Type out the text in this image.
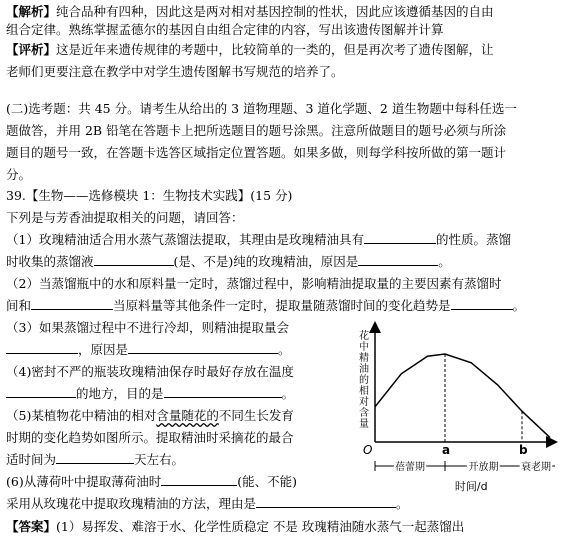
【解析】纯合品种有四种，因此这是两对相对基因控制的性状，因此应该遵循基因的自由
组合定律。熟练掌握孟德尔的基因自由组合定律的内容，写出该遗传图解并计算
【评析】这是近年来遗传规律的考题中，比较简单的一类的，但是再次考了遗传图解，让
老师们更要注意在教学中对学生遗传图解书写规范的培养了。
(二)选考题：共 45 分。请考生从给出的 3 道物理题、3 道化学题、2 道生物题中每科任选一
题做答，并用 2B 铅笔在答题卡上把所选题目的题号涂黑。注意所做题目的题号必须与所涂
题目的题号一致，在答题卡选答区域指定位置答题。如果多做，则每学科按所做的第一题计
分。
39.【生物——选修模块 1：生物技术实践】(15 分)
下列是与芳香油提取相关的问题，请回答：
（1）玫瑰精油适合用水蒸气蒸馏法提取，其理由是玫瑰精油具有	的性质。蒸馏
时收集的蒸馏液	(是、不是)纯的玫瑰精油，原因是	。
（2）当蒸馏瓶中的水和原料量一定时，蒸馏过程中，影响精油提取量的主要因素有蒸馏时
间和	当原料量等其他条件一定时，提取量随蒸馏时间的变化趋势是	。
（3）如果蒸馏过程中不进行冷却，则精油提取量会
，原因是	。
（4)密封不严的瓶装玫瑰精油保存时最好存放在温度
的地方，目的是	。
（5)某植物花中精油的相对含量随花的不同生长发育
时期的变化趋势如图所示。提取精油时采摘花的最合
适时间为	天左右。
(6)从薄荷叶中提取薄荷油时	(能、不能)
采用从玫瑰花中提取玫瑰精油的方法，理由是	。
【答案】(1）易挥发、难溶于水、化学性质稳定 不是 玫瑰精油随水蒸气一起蒸馏出
花中精油的相对含量
O	a	b
蓓蕾期	开放期 衰老期
时间/d
